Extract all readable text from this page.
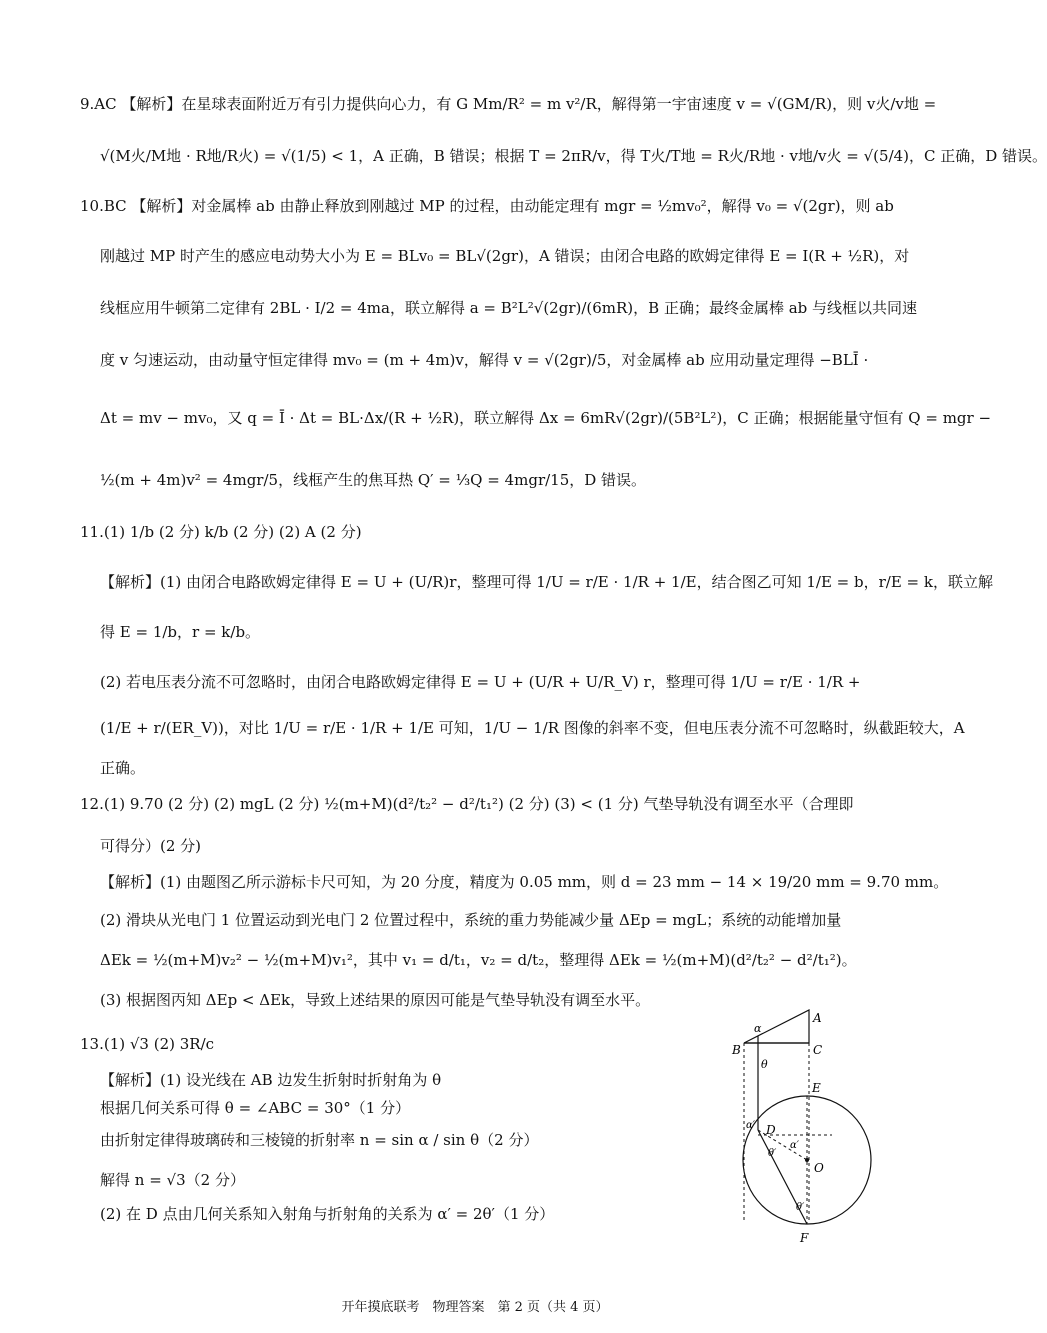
9.AC 【解析】在星球表面附近万有引力提供向心力，有 G Mm/R² = m v²/R，解得第一宇宙速度 v = √(GM/R)，则 v火/v地 =
√(M火/M地 · R地/R火) = √(1/5) < 1，A 正确，B 错误；根据 T = 2πR/v，得 T火/T地 = R火/R地 · v地/v火 = √(5/4)，C 正确，D 错误。
10.BC 【解析】对金属棒 ab 由静止释放到刚越过 MP 的过程，由动能定理有 mgr = ½mv₀²，解得 v₀ = √(2gr)，则 ab
刚越过 MP 时产生的感应电动势大小为 E = BLv₀ = BL√(2gr)，A 错误；由闭合电路的欧姆定律得 E = I(R + ½R)，对
线框应用牛顿第二定律有 2BL · I/2 = 4ma，联立解得 a = B²L²√(2gr)/(6mR)，B 正确；最终金属棒 ab 与线框以共同速
度 v 匀速运动，由动量守恒定律得 mv₀ = (m + 4m)v，解得 v = √(2gr)/5，对金属棒 ab 应用动量定理得 −BLĪ ·
Δt = mv − mv₀，又 q = Ī · Δt = BL·Δx/(R + ½R)，联立解得 Δx = 6mR√(2gr)/(5B²L²)，C 正确；根据能量守恒有 Q = mgr −
½(m + 4m)v² = 4mgr/5，线框产生的焦耳热 Q′ = ⅓Q = 4mgr/15，D 错误。
11.(1) 1/b (2 分) k/b (2 分) (2) A (2 分)
【解析】(1) 由闭合电路欧姆定律得 E = U + (U/R)r，整理可得 1/U = r/E · 1/R + 1/E，结合图乙可知 1/E = b，r/E = k，联立解
得 E = 1/b，r = k/b。
(2) 若电压表分流不可忽略时，由闭合电路欧姆定律得 E = U + (U/R + U/R_V) r，整理可得 1/U = r/E · 1/R +
(1/E + r/(ER_V))，对比 1/U = r/E · 1/R + 1/E 可知，1/U − 1/R 图像的斜率不变，但电压表分流不可忽略时，纵截距较大，A
正确。
12.(1) 9.70 (2 分) (2) mgL (2 分) ½(m+M)(d²/t₂² − d²/t₁²) (2 分) (3) < (1 分) 气垫导轨没有调至水平（合理即
可得分）(2 分)
【解析】(1) 由题图乙所示游标卡尺可知，为 20 分度，精度为 0.05 mm，则 d = 23 mm − 14 × 19/20 mm = 9.70 mm。
(2) 滑块从光电门 1 位置运动到光电门 2 位置过程中，系统的重力势能减少量 ΔEp = mgL；系统的动能增加量
ΔEk = ½(m+M)v₂² − ½(m+M)v₁²，其中 v₁ = d/t₁，v₂ = d/t₂，整理得 ΔEk = ½(m+M)(d²/t₂² − d²/t₁²)。
(3) 根据图丙知 ΔEp < ΔEk，导致上述结果的原因可能是气垫导轨没有调至水平。
13.(1) √3 (2) 3R/c
【解析】(1) 设光线在 AB 边发生折射时折射角为 θ
根据几何关系可得 θ = ∠ABC = 30°（1 分）
由折射定律得玻璃砖和三棱镜的折射率 n = sin α / sin θ（2 分）
解得 n = √3（2 分）
(2) 在 D 点由几何关系知入射角与折射角的关系为 α′ = 2θ′（1 分）
A
B	C
E
D
O
F
α
θ
α′
θ′
α′
θ′
开年摸底联考　物理答案　第 2 页（共 4 页）
